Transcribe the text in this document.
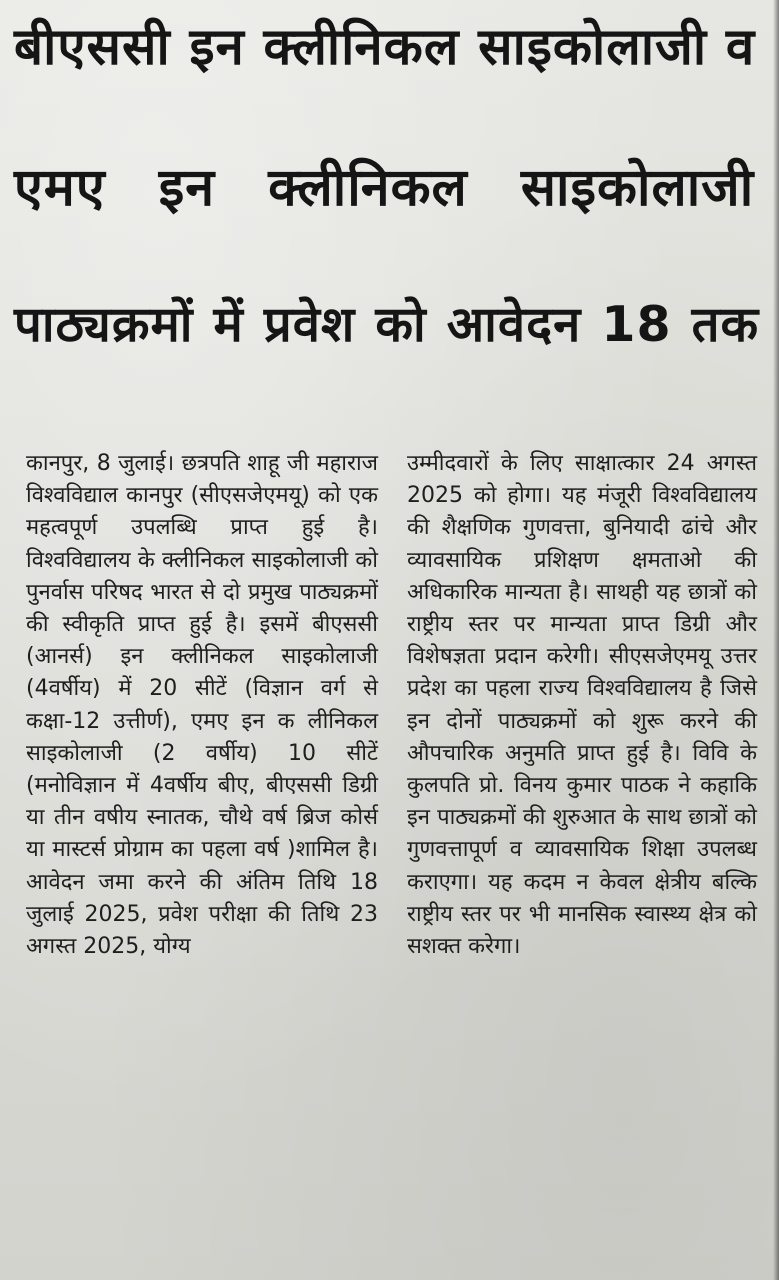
बीएससी इन क्लीनिकल साइकोलाजी व
एमए इन क्लीनिकल साइकोलाजी
पाठ्यक्रमों में प्रवेश को आवेदन 18 तक

कानपुर, 8 जुलाई। छत्रपति शाहू जी महाराज विश्वविद्याल कानपुर (सीएसजेएमयू) को एक महत्वपूर्ण उपलब्धि प्राप्त हुई है। विश्वविद्यालय के क्लीनिकल साइकोलाजी को पुनर्वास परिषद भारत से दो प्रमुख पाठ्यक्रमों की स्वीकृति प्राप्त हुई है। इसमें बीएससी (आनर्स) इन क्लीनिकल साइकोलाजी (4वर्षीय) में 20 सीटें (विज्ञान वर्ग से कक्षा-12 उत्तीर्ण), एमए इन क लीनिकल साइकोलाजी (2 वर्षीय) 10 सीटें (मनोविज्ञान में 4वर्षीय बीए, बीएससी डिग्री या तीन वषीय स्नातक, चौथे वर्ष ब्रिज कोर्स या मास्टर्स प्रोग्राम का पहला वर्ष )शामिल है। आवेदन जमा करने की अंतिम तिथि 18 जुलाई 2025, प्रवेश परीक्षा की तिथि 23 अगस्त 2025, योग्य

उम्मीदवारों के लिए साक्षात्कार 24 अगस्त 2025 को होगा। यह मंजूरी विश्वविद्यालय की शैक्षणिक गुणवत्ता, बुनियादी ढांचे और व्यावसायिक प्रशिक्षण क्षमताओ की अधिकारिक मान्यता है। साथही यह छात्रों को राष्ट्रीय स्तर पर मान्यता प्राप्त डिग्री और विशेषज्ञता प्रदान करेगी। सीएसजेएमयू उत्तर प्रदेश का पहला राज्य विश्वविद्यालय है जिसे इन दोनों पाठ्यक्रमों को शुरू करने की औपचारिक अनुमति प्राप्त हुई है। विवि के कुलपति प्रो. विनय कुमार पाठक ने कहाकि इन पाठ्यक्रमों की शुरुआत के साथ छात्रों को गुणवत्तापूर्ण व व्यावसायिक शिक्षा उपलब्ध कराएगा। यह कदम न केवल क्षेत्रीय बल्कि राष्ट्रीय स्तर पर भी मानसिक स्वास्थ्य क्षेत्र को सशक्त करेगा।
